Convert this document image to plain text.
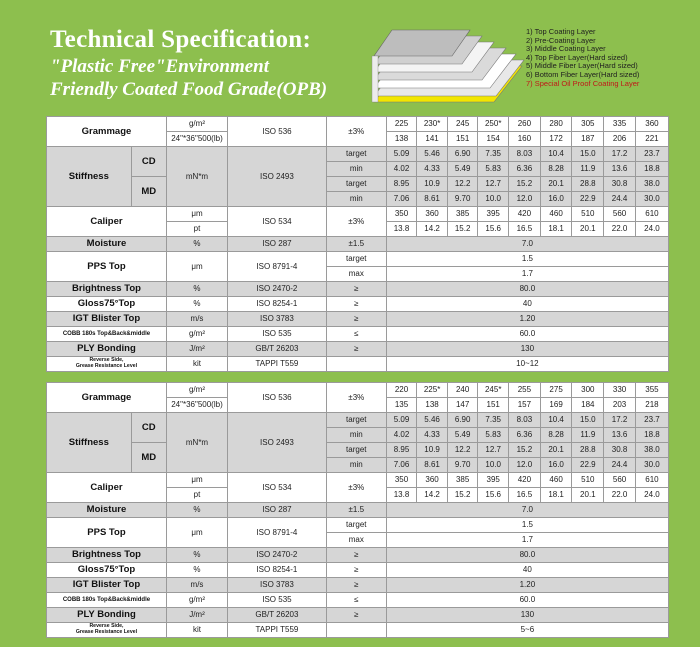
Technical Specification:
"Plastic Free"Environment
Friendly Coated Food Grade(OPB)
1) Top Coating Layer
2) Pre-Coating Layer
3) Middle Coating Layer
4) Top Fiber Layer(Hard sized)
5) Middle Fiber Layer(Hard sized)
6) Bottom Fiber Layer(Hard sized)
7) Special Oil Proof Coating Layer
Grammage		g/m²	ISO 536	±3%	225	230*	245	250*	260	280	305	335	360
		24"*36"500(lb)			138	141	151	154	160	172	187	206	221
Stiffness	CD	mN*m	ISO 2493	target	5.09	5.46	6.90	7.35	8.03	10.4	15.0	17.2	23.7
				min	4.02	4.33	5.49	5.83	6.36	8.28	11.9	13.6	18.8
	MD			target	8.95	10.9	12.2	12.7	15.2	20.1	28.8	30.8	38.0
				min	7.06	8.61	9.70	10.0	12.0	16.0	22.9	24.4	30.0
Caliper		μm	ISO 534	±3%	350	360	385	395	420	460	510	560	610
		pt			13.8	14.2	15.2	15.6	16.5	18.1	20.1	22.0	24.0
Moisture		%	ISO 287	±1.5	7.0								
PPS Top		μm	ISO 8791-4	target	1.5								
				max	1.7								
Brightness Top		%	ISO 2470-2	≥	80.0								
Gloss75°Top		%	ISO 8254-1	≥	40								
IGT Blister Top		m/s	ISO 3783	≥	1.20								
COBB 180s Top&Back&middle		g/m²	ISO 535	≤	60.0								
PLY Bonding		J/m²	GB/T 26203	≥	130								
Reverse Side,
Grease Resistance Level		kit	TAPPI T559		10~12								
Grammage		g/m²	ISO 536	±3%	220	225*	240	245*	255	275	300	330	355
		24"*36"500(lb)			135	138	147	151	157	169	184	203	218
Stiffness	CD	mN*m	ISO 2493	target	5.09	5.46	6.90	7.35	8.03	10.4	15.0	17.2	23.7
				min	4.02	4.33	5.49	5.83	6.36	8.28	11.9	13.6	18.8
	MD			target	8.95	10.9	12.2	12.7	15.2	20.1	28.8	30.8	38.0
				min	7.06	8.61	9.70	10.0	12.0	16.0	22.9	24.4	30.0
Caliper		μm	ISO 534	±3%	350	360	385	395	420	460	510	560	610
		pt			13.8	14.2	15.2	15.6	16.5	18.1	20.1	22.0	24.0
Moisture		%	ISO 287	±1.5	7.0								
PPS Top		μm	ISO 8791-4	target	1.5								
				max	1.7								
Brightness Top		%	ISO 2470-2	≥	80.0								
Gloss75°Top		%	ISO 8254-1	≥	40								
IGT Blister Top		m/s	ISO 3783	≥	1.20								
COBB 180s Top&Back&middle		g/m²	ISO 535	≤	60.0								
PLY Bonding		J/m²	GB/T 26203	≥	130								
Reverse Side,
Grease Resistance Level		kit	TAPPI T559		5~6								
